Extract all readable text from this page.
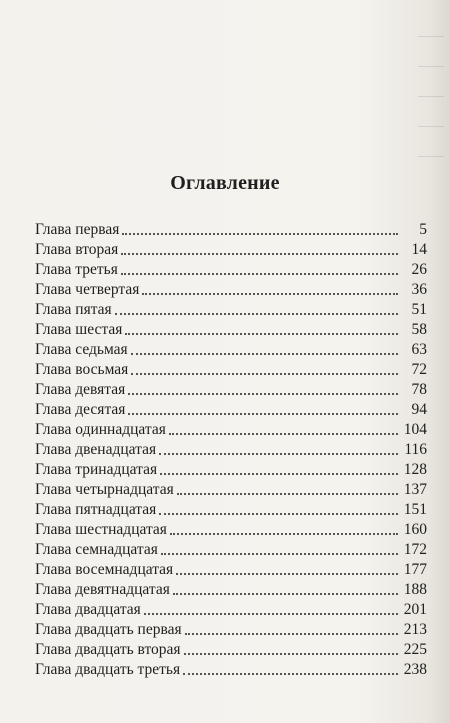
Оглавление
Глава первая	5
Глава вторая	14
Глава третья	26
Глава четвертая	36
Глава пятая	51
Глава шестая	58
Глава седьмая	63
Глава восьмая	72
Глава девятая	78
Глава десятая	94
Глава одиннадцатая	104
Глава двенадцатая	116
Глава тринадцатая	128
Глава четырнадцатая	137
Глава пятнадцатая	151
Глава шестнадцатая	160
Глава семнадцатая	172
Глава восемнадцатая	177
Глава девятнадцатая	188
Глава двадцатая	201
Глава двадцать первая	213
Глава двадцать вторая	225
Глава двадцать третья	238
